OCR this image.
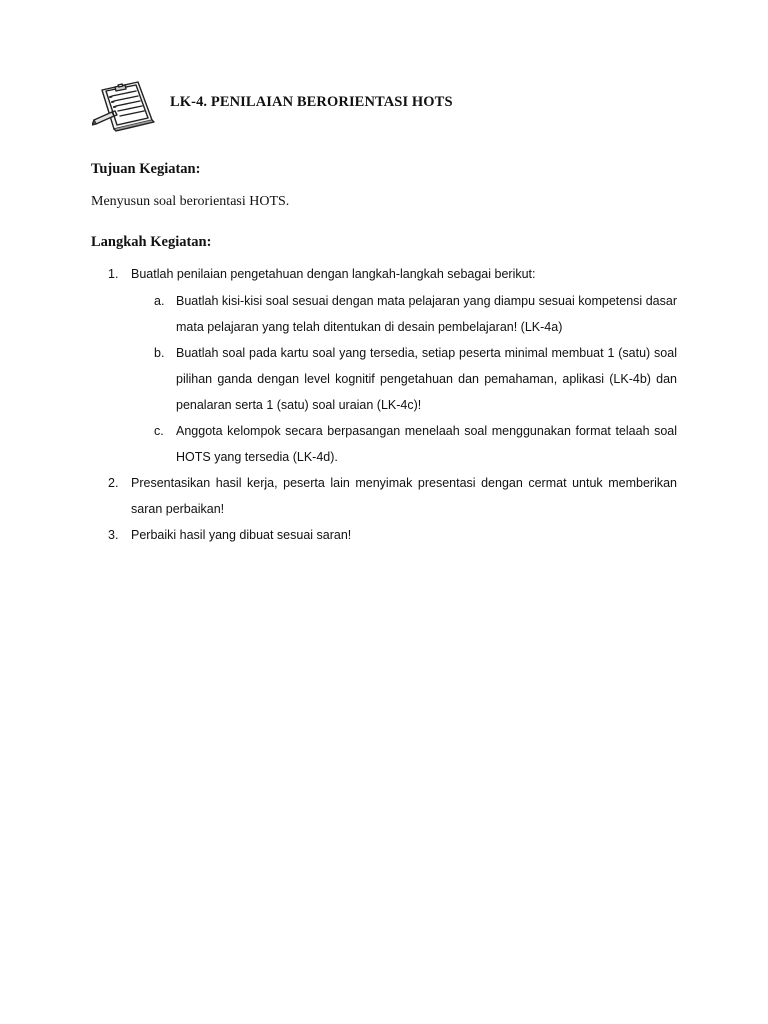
LK-4. PENILAIAN BERORIENTASI HOTS
Tujuan Kegiatan:
Menyusun soal berorientasi HOTS.
Langkah Kegiatan:
1. Buatlah penilaian pengetahuan dengan langkah-langkah sebagai berikut:
a. Buatlah kisi-kisi soal sesuai dengan mata pelajaran yang diampu sesuai kompetensi dasar mata pelajaran yang telah ditentukan di desain pembelajaran! (LK-4a)
b. Buatlah soal pada kartu soal yang tersedia, setiap peserta minimal membuat 1 (satu) soal pilihan ganda dengan level kognitif pengetahuan dan pemahaman, aplikasi (LK-4b) dan penalaran serta 1 (satu) soal uraian (LK-4c)!
c. Anggota kelompok secara berpasangan menelaah soal menggunakan format telaah soal HOTS yang tersedia (LK-4d).
2. Presentasikan hasil kerja, peserta lain menyimak presentasi dengan cermat untuk memberikan saran perbaikan!
3. Perbaiki hasil yang dibuat sesuai saran!
